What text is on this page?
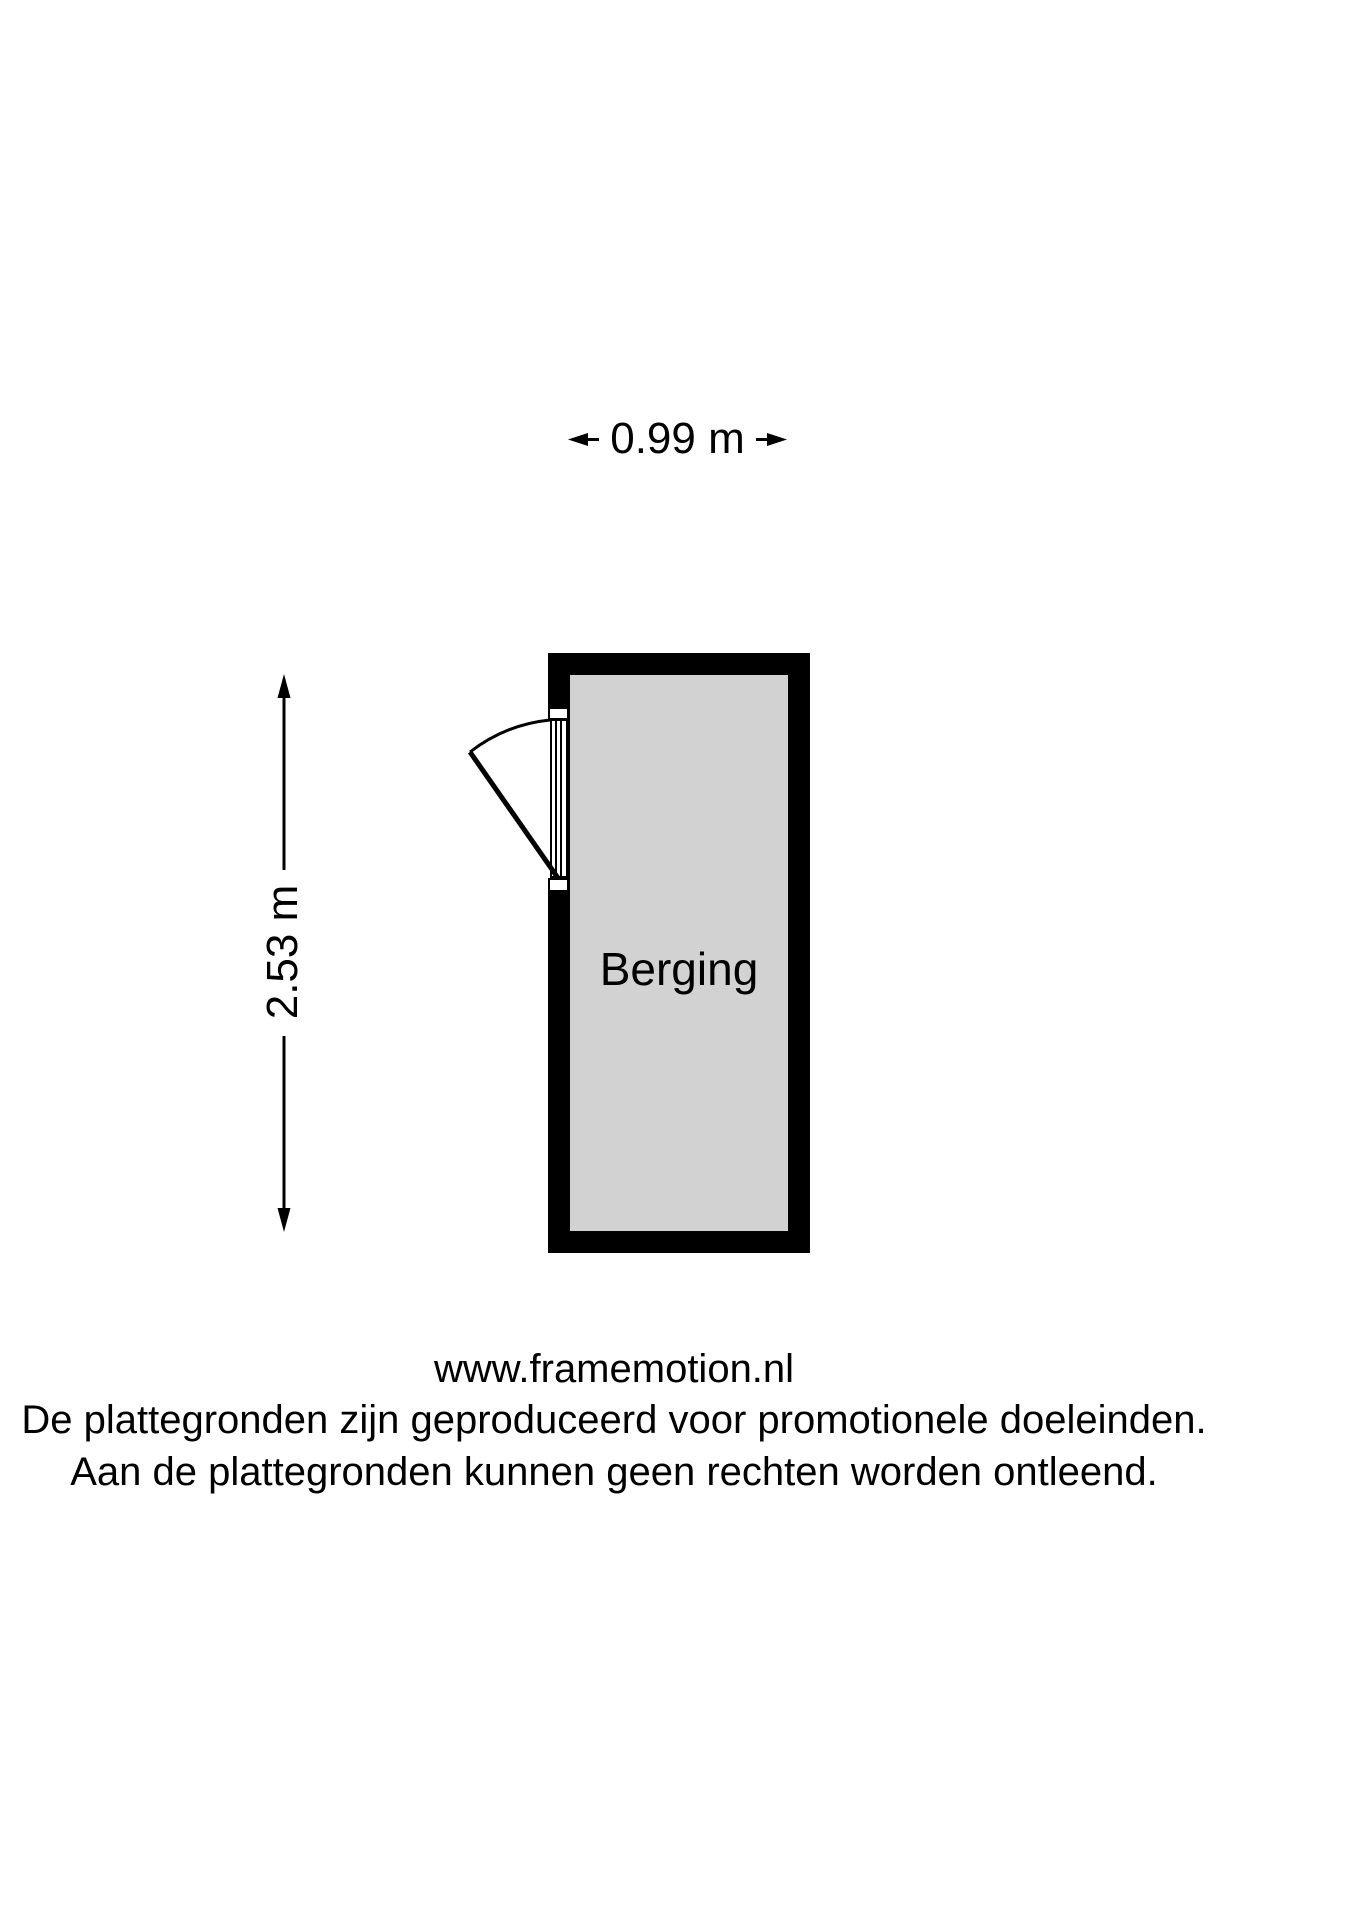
0.99 m
2.53 m	Berging
www.framemotion.nl
De plattegronden zijn geproduceerd voor promotionele doeleinden.
Aan de plattegronden kunnen geen rechten worden ontleend.
